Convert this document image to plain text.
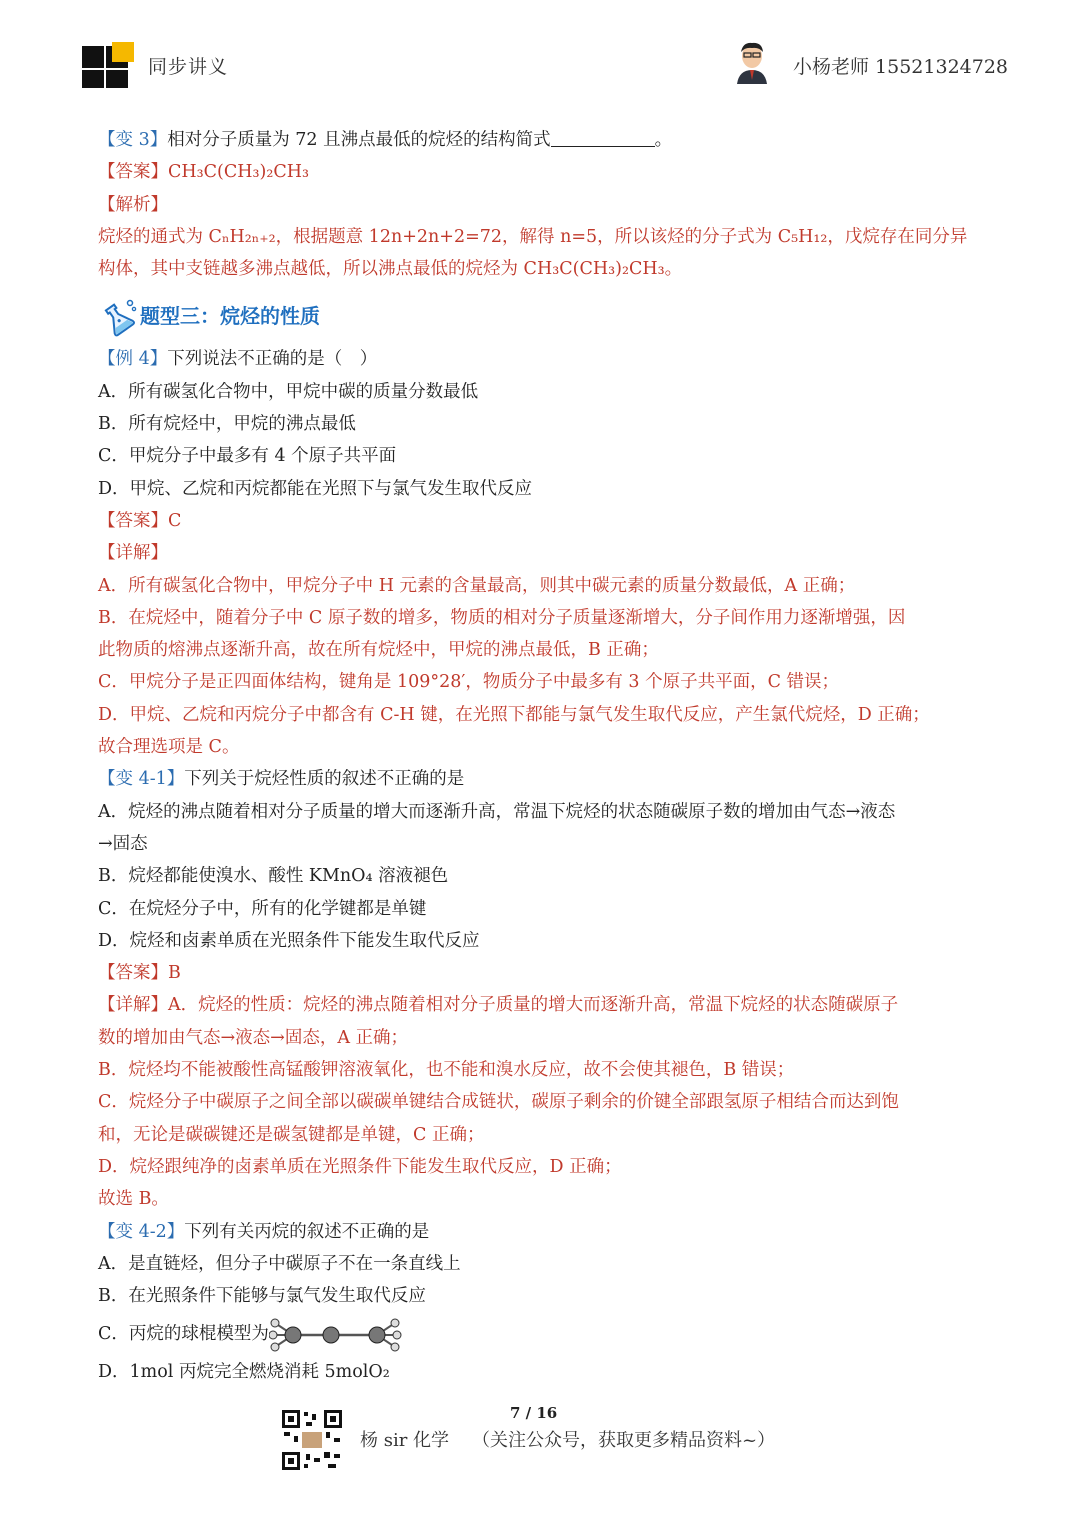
同步讲义	小杨老师 15521324728
【变 3】相对分子质量为 72 且沸点最低的烷烃的结构简式	。
【答案】CH₃C(CH₃)₂CH₃
【解析】
烷烃的通式为 CₙH₂ₙ₊₂，根据题意 12n+2n+2=72，解得 n=5，所以该烃的分子式为 C₅H₁₂，戊烷存在同分异
构体，其中支链越多沸点越低，所以沸点最低的烷烃为 CH₃C(CH₃)₂CH₃。
题型三：烷烃的性质
【例 4】下列说法不正确的是（　）
A．所有碳氢化合物中，甲烷中碳的质量分数最低
B．所有烷烃中，甲烷的沸点最低
C．甲烷分子中最多有 4 个原子共平面
D．甲烷、乙烷和丙烷都能在光照下与氯气发生取代反应
【答案】C
【详解】
A．所有碳氢化合物中，甲烷分子中 H 元素的含量最高，则其中碳元素的质量分数最低，A 正确；
B．在烷烃中，随着分子中 C 原子数的增多，物质的相对分子质量逐渐增大，分子间作用力逐渐增强，因
此物质的熔沸点逐渐升高，故在所有烷烃中，甲烷的沸点最低，B 正确；
C．甲烷分子是正四面体结构，键角是 109°28′，物质分子中最多有 3 个原子共平面，C 错误；
D．甲烷、乙烷和丙烷分子中都含有 C-H 键，在光照下都能与氯气发生取代反应，产生氯代烷烃，D 正确；
故合理选项是 C。
【变 4-1】下列关于烷烃性质的叙述不正确的是
A．烷烃的沸点随着相对分子质量的增大而逐渐升高，常温下烷烃的状态随碳原子数的增加由气态→液态
→固态
B．烷烃都能使溴水、酸性 KMnO₄ 溶液褪色
C．在烷烃分子中，所有的化学键都是单键
D．烷烃和卤素单质在光照条件下能发生取代反应
【答案】B
【详解】A．烷烃的性质：烷烃的沸点随着相对分子质量的增大而逐渐升高，常温下烷烃的状态随碳原子
数的增加由气态→液态→固态，A 正确；
B．烷烃均不能被酸性高锰酸钾溶液氧化，也不能和溴水反应，故不会使其褪色，B 错误；
C．烷烃分子中碳原子之间全部以碳碳单键结合成链状，碳原子剩余的价键全部跟氢原子相结合而达到饱
和，无论是碳碳键还是碳氢键都是单键，C 正确；
D．烷烃跟纯净的卤素单质在光照条件下能发生取代反应，D 正确；
故选 B。
【变 4-2】下列有关丙烷的叙述不正确的是
A．是直链烃，但分子中碳原子不在一条直线上
B．在光照条件下能够与氯气发生取代反应
C．丙烷的球棍模型为
D．1mol 丙烷完全燃烧消耗 5molO₂
7 / 16
杨 sir 化学 （关注公众号，获取更多精品资料~）
